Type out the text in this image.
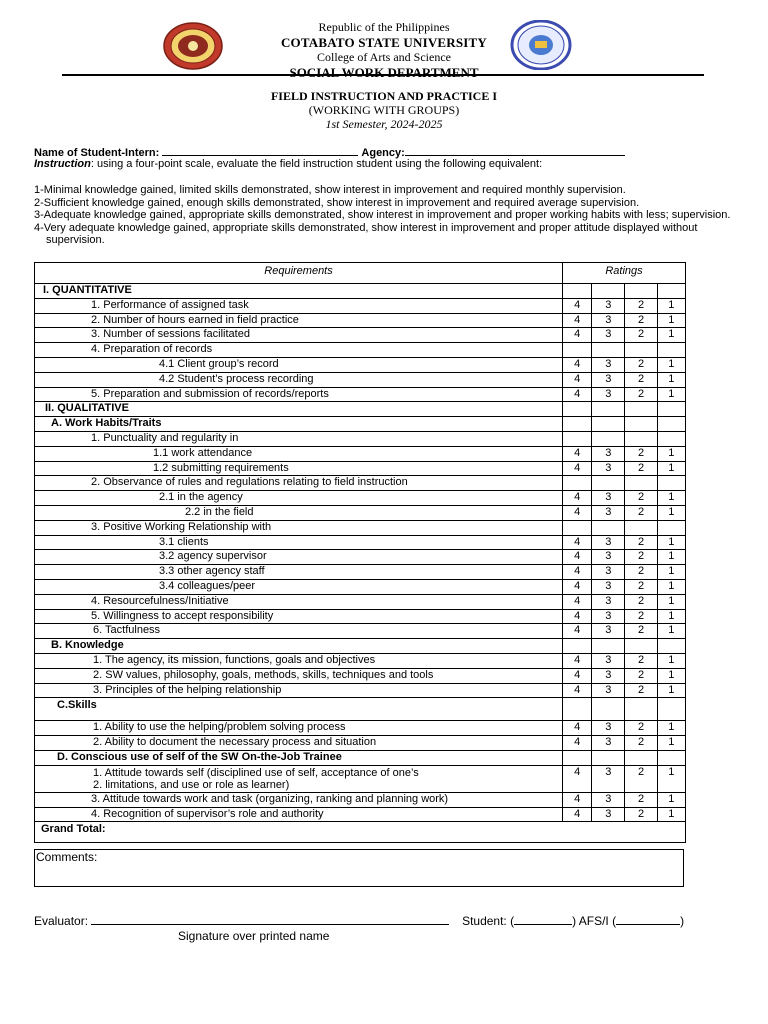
Republic of the Philippines
COTABATO STATE UNIVERSITY
College of Arts and Science
SOCIAL WORK DEPARTMENT
FIELD INSTRUCTION AND PRACTICE I
(WORKING WITH GROUPS)
1st Semester, 2024-2025
Name of Student-Intern:	Agency:
Instruction: using a four-point scale, evaluate the field instruction student using the following equivalent:
1-Minimal knowledge gained, limited skills demonstrated, show interest in improvement and required monthly supervision.
2-Sufficient knowledge gained, enough skills demonstrated, show interest in improvement and required average supervision.
3-Adequate knowledge gained, appropriate skills demonstrated, show interest in improvement and proper working habits with less; supervision.
4-Very adequate knowledge gained, appropriate skills demonstrated, show interest in improvement and proper attitude displayed without supervision.
Requirements	Ratings			

I. QUANTITATIVE				

1. Performance of assigned task	4	3	2	1

2. Number of hours earned in field practice	4	3	2	1

3. Number of sessions facilitated	4	3	2	1

4. Preparation of records				

4.1 Client group’s record	4	3	2	1

4.2 Student’s process recording	4	3	2	1

5. Preparation and submission of records/reports	4	3	2	1

II. QUALITATIVE				

A. Work Habits/Traits				

1. Punctuality and regularity in				

1.1 work attendance	4	3	2	1

1.2 submitting requirements	4	3	2	1

2. Observance of rules and regulations relating to field instruction				

2.1 in the agency	4	3	2	1

2.2 in the field	4	3	2	1

3. Positive Working Relationship with				

3.1 clients	4	3	2	1

3.2 agency supervisor	4	3	2	1

3.3 other agency staff	4	3	2	1

3.4 colleagues/peer	4	3	2	1

4. Resourcefulness/Initiative	4	3	2	1

5. Willingness to accept responsibility	4	3	2	1

6. Tactfulness	4	3	2	1

B. Knowledge				

1. The agency, its mission, functions, goals and objectives	4	3	2	1

2. SW values, philosophy, goals, methods, skills, techniques and tools	4	3	2	1

3. Principles of the helping relationship	4	3	2	1

C.Skills				

1. Ability to use the helping/problem solving process	4	3	2	1

2. Ability to document the necessary process and situation	4	3	2	1

D. Conscious use of self of the SW On-the-Job Trainee				

1. Attitude towards self (disciplined use of self, acceptance of one’s
2. limitations, and use or role as learner)	4	3	2	1

3. Attitude towards work and task (organizing, ranking and planning work)	4	3	2	1

4. Recognition of supervisor’s role and authority	4	3	2	1

Grand Total:				
Comments:
Evaluator:	Student: (	) AFS/I (	)
Signature over printed name
